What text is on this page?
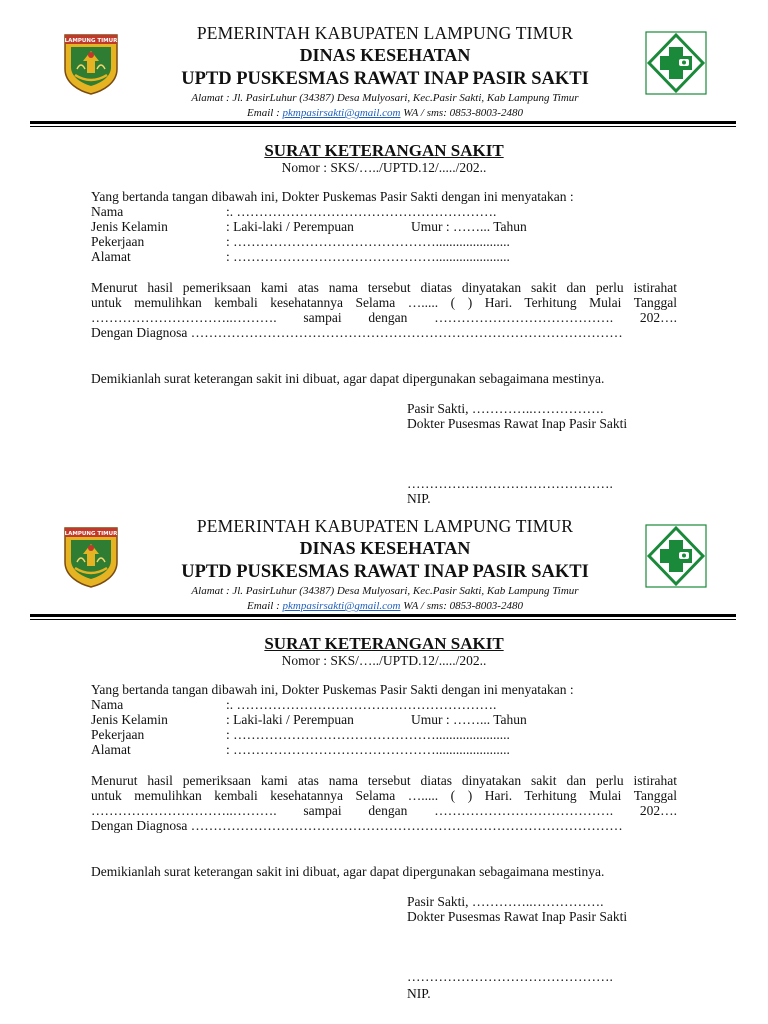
LAMPUNG TIMUR	PEMERINTAH KABUPATEN LAMPUNG TIMUR
DINAS KESEHATAN
UPTD PUSKESMAS RAWAT INAP PASIR SAKTI
Alamat : Jl. PasirLuhur (34387) Desa Mulyosari, Kec.Pasir Sakti, Kab Lampung Timur
Email : pkmpasirsakti@gmail.com WA / sms: 0853-8003-2480
SURAT KETERANGAN SAKIT
Nomor : SKS/…../UPTD.12/...../202..
Yang bertanda tangan dibawah ini, Dokter Puskemas Pasir Sakti dengan ini menyatakan :
Nama	:. ………………………………………………….
Jenis Kelamin	: Laki-laki / Perempuan	Umur : ……... Tahun
Pekerjaan	: ………………………………………......................
Alamat	: ………………………………………......................
Menurut hasil pemeriksaan kami atas nama tersebut diatas dinyatakan sakit dan perlu istirahat
untuk memulihkan kembali kesehatannya Selama …..... ( ) Hari. Terhitung Mulai Tanggal
…………………………..………. sampai dengan …………………………………. 202….
Dengan Diagnosa ……………………………………………………………………………………
Demikianlah surat keterangan sakit ini dibuat, agar dapat dipergunakan sebagaimana mestinya.
Pasir Sakti, …………..…………….
Dokter Pusesmas Rawat Inap Pasir Sakti
……………………………………….
NIP.
LAMPUNG TIMUR	PEMERINTAH KABUPATEN LAMPUNG TIMUR
DINAS KESEHATAN
UPTD PUSKESMAS RAWAT INAP PASIR SAKTI
Alamat : Jl. PasirLuhur (34387) Desa Mulyosari, Kec.Pasir Sakti, Kab Lampung Timur
Email : pkmpasirsakti@gmail.com WA / sms: 0853-8003-2480
SURAT KETERANGAN SAKIT
Nomor : SKS/…../UPTD.12/...../202..
Yang bertanda tangan dibawah ini, Dokter Puskemas Pasir Sakti dengan ini menyatakan :
Nama	:. ………………………………………………….
Jenis Kelamin	: Laki-laki / Perempuan	Umur : ……... Tahun
Pekerjaan	: ………………………………………......................
Alamat	: ………………………………………......................
Menurut hasil pemeriksaan kami atas nama tersebut diatas dinyatakan sakit dan perlu istirahat
untuk memulihkan kembali kesehatannya Selama …..... ( ) Hari. Terhitung Mulai Tanggal
…………………………..………. sampai dengan …………………………………. 202….
Dengan Diagnosa ……………………………………………………………………………………
Demikianlah surat keterangan sakit ini dibuat, agar dapat dipergunakan sebagaimana mestinya.
Pasir Sakti, …………..…………….
Dokter Pusesmas Rawat Inap Pasir Sakti
……………………………………….
NIP.
